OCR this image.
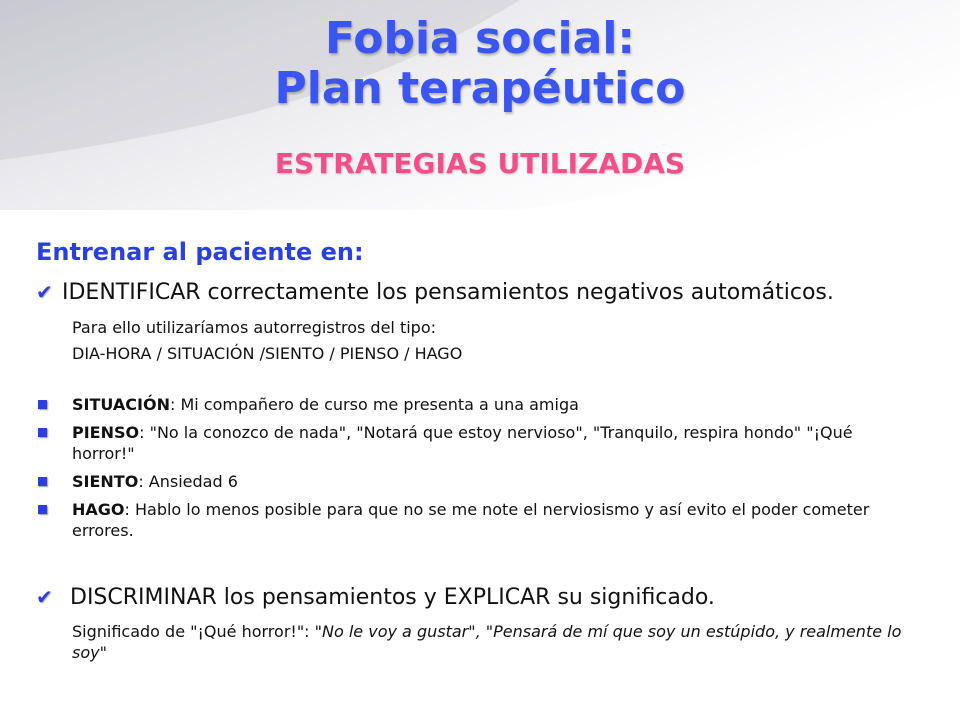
Fobia social:
Plan terapéutico
ESTRATEGIAS UTILIZADAS
Entrenar al paciente en:
✔ IDENTIFICAR correctamente los pensamientos negativos automáticos.
Para ello utilizaríamos autorregistros del tipo:
DIA-HORA / SITUACIÓN /SIENTO / PIENSO / HAGO
SITUACIÓN: Mi compañero de curso me presenta a una amiga
PIENSO: "No la conozco de nada", "Notará que estoy nervioso", "Tranquilo, respira hondo" "¡Qué horror!"
SIENTO: Ansiedad 6
HAGO: Hablo lo menos posible para que no se me note el nerviosismo y así evito el poder cometer errores.
✔ DISCRIMINAR los pensamientos y EXPLICAR su significado.
Significado de "¡Qué horror!": "No le voy a gustar", "Pensará de mí que soy un estúpido, y realmente lo soy"
